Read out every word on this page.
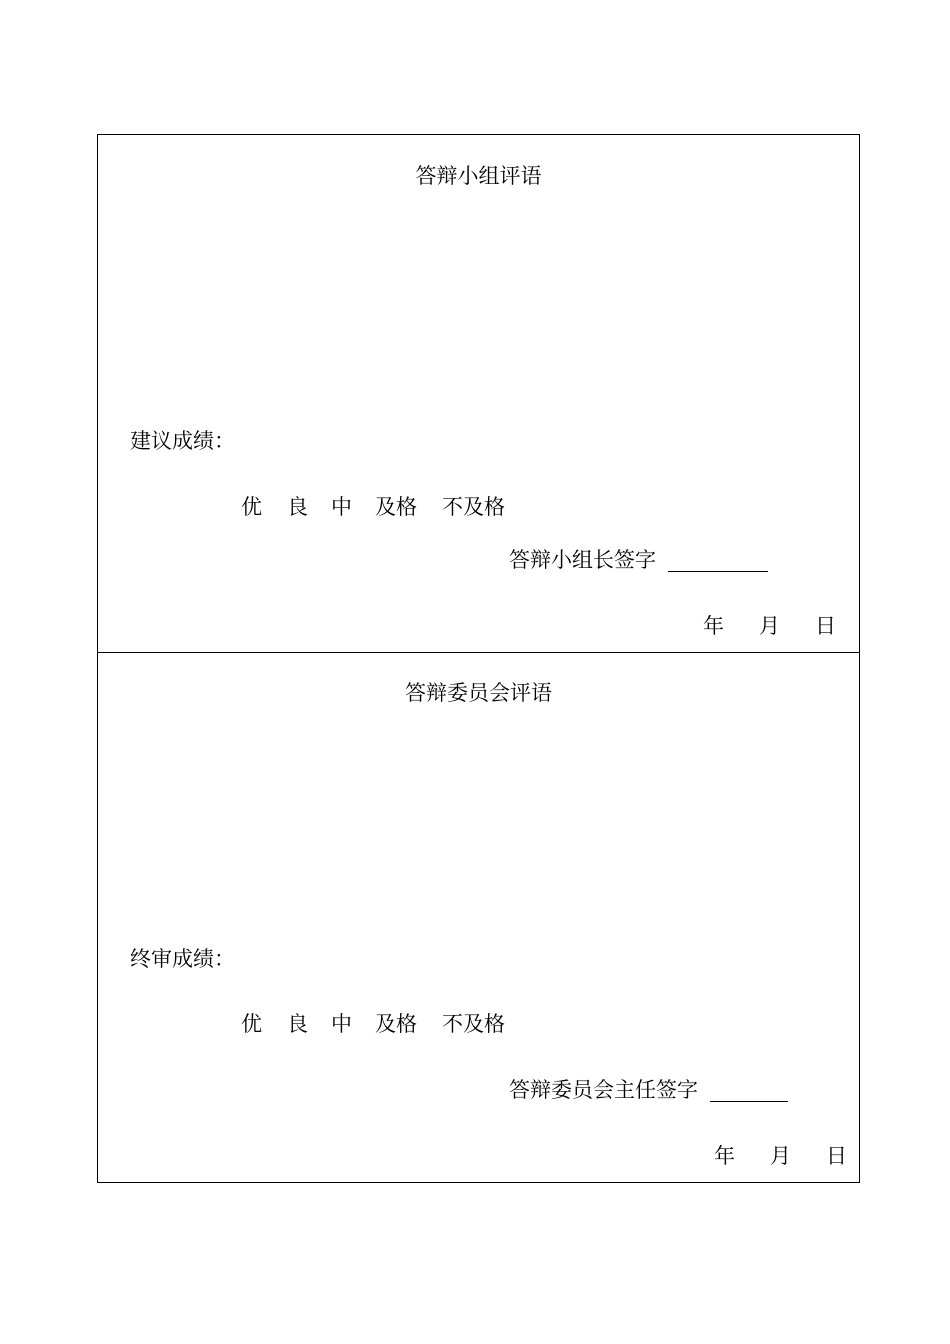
答辩小组评语
建议成绩：
优 良 中 及格 不及格
答辩小组长签字
年 月 日
答辩委员会评语
终审成绩：
优 良 中 及格 不及格
答辩委员会主任签字
年 月 日
